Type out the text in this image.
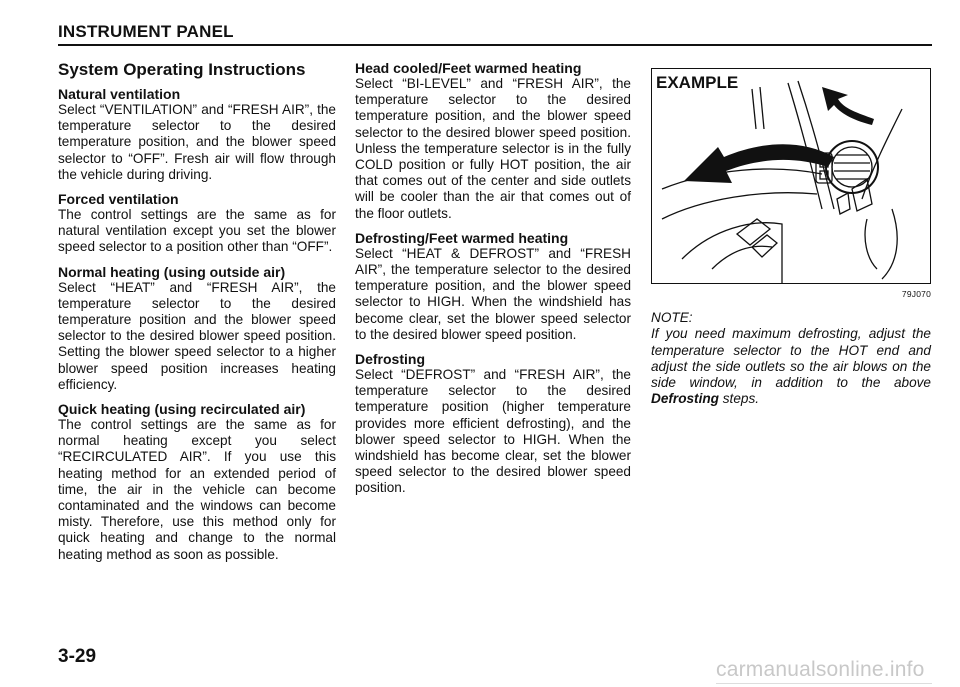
INSTRUMENT PANEL
System Operating Instructions
Natural ventilation

Select “VENTILATION” and “FRESH AIR”, the temperature selector to the desired temperature position, and the blower speed selector to “OFF”. Fresh air will flow through the vehicle during driving.

Forced ventilation

The control settings are the same as for natural ventilation except you set the blower speed selector to a position other than “OFF”.

Normal heating (using outside air)

Select “HEAT” and “FRESH AIR”, the temperature selector to the desired temperature position and the blower speed selector to the desired blower speed position. Setting the blower speed selector to a higher blower speed position increases heating efficiency.

Quick heating (using recirculated air)

The control settings are the same as for normal heating except you select “RECIRCULATED AIR”. If you use this heating method for an extended period of time, the air in the vehicle can become contaminated and the windows can become misty. Therefore, use this method only for quick heating and change to the normal heating method as soon as possible.

Head cooled/Feet warmed heating

Select “BI-LEVEL” and “FRESH AIR”, the temperature selector to the desired temperature position, and the blower speed selector to the desired blower speed position. Unless the temperature selector is in the fully COLD position or fully HOT position, the air that comes out of the center and side outlets will be cooler than the air that comes out of the floor outlets.

Defrosting/Feet warmed heating

Select “HEAT & DEFROST” and “FRESH AIR”, the temperature selector to the desired temperature position, and the blower speed selector to HIGH. When the windshield has become clear, set the blower speed selector to the desired blower speed position.

Defrosting

Select “DEFROST” and “FRESH AIR”, the temperature selector to the desired temperature position (higher temperature provides more efficient defrosting), and the blower speed selector to HIGH. When the windshield has become clear, set the blower speed selector to the desired blower speed position.

EXAMPLE
79J070
NOTE:

If you need maximum defrosting, adjust the temperature selector to the HOT end and adjust the side outlets so the air blows on the side window, in addition to the above Defrosting steps.

3-29
carmanualsonline.info
